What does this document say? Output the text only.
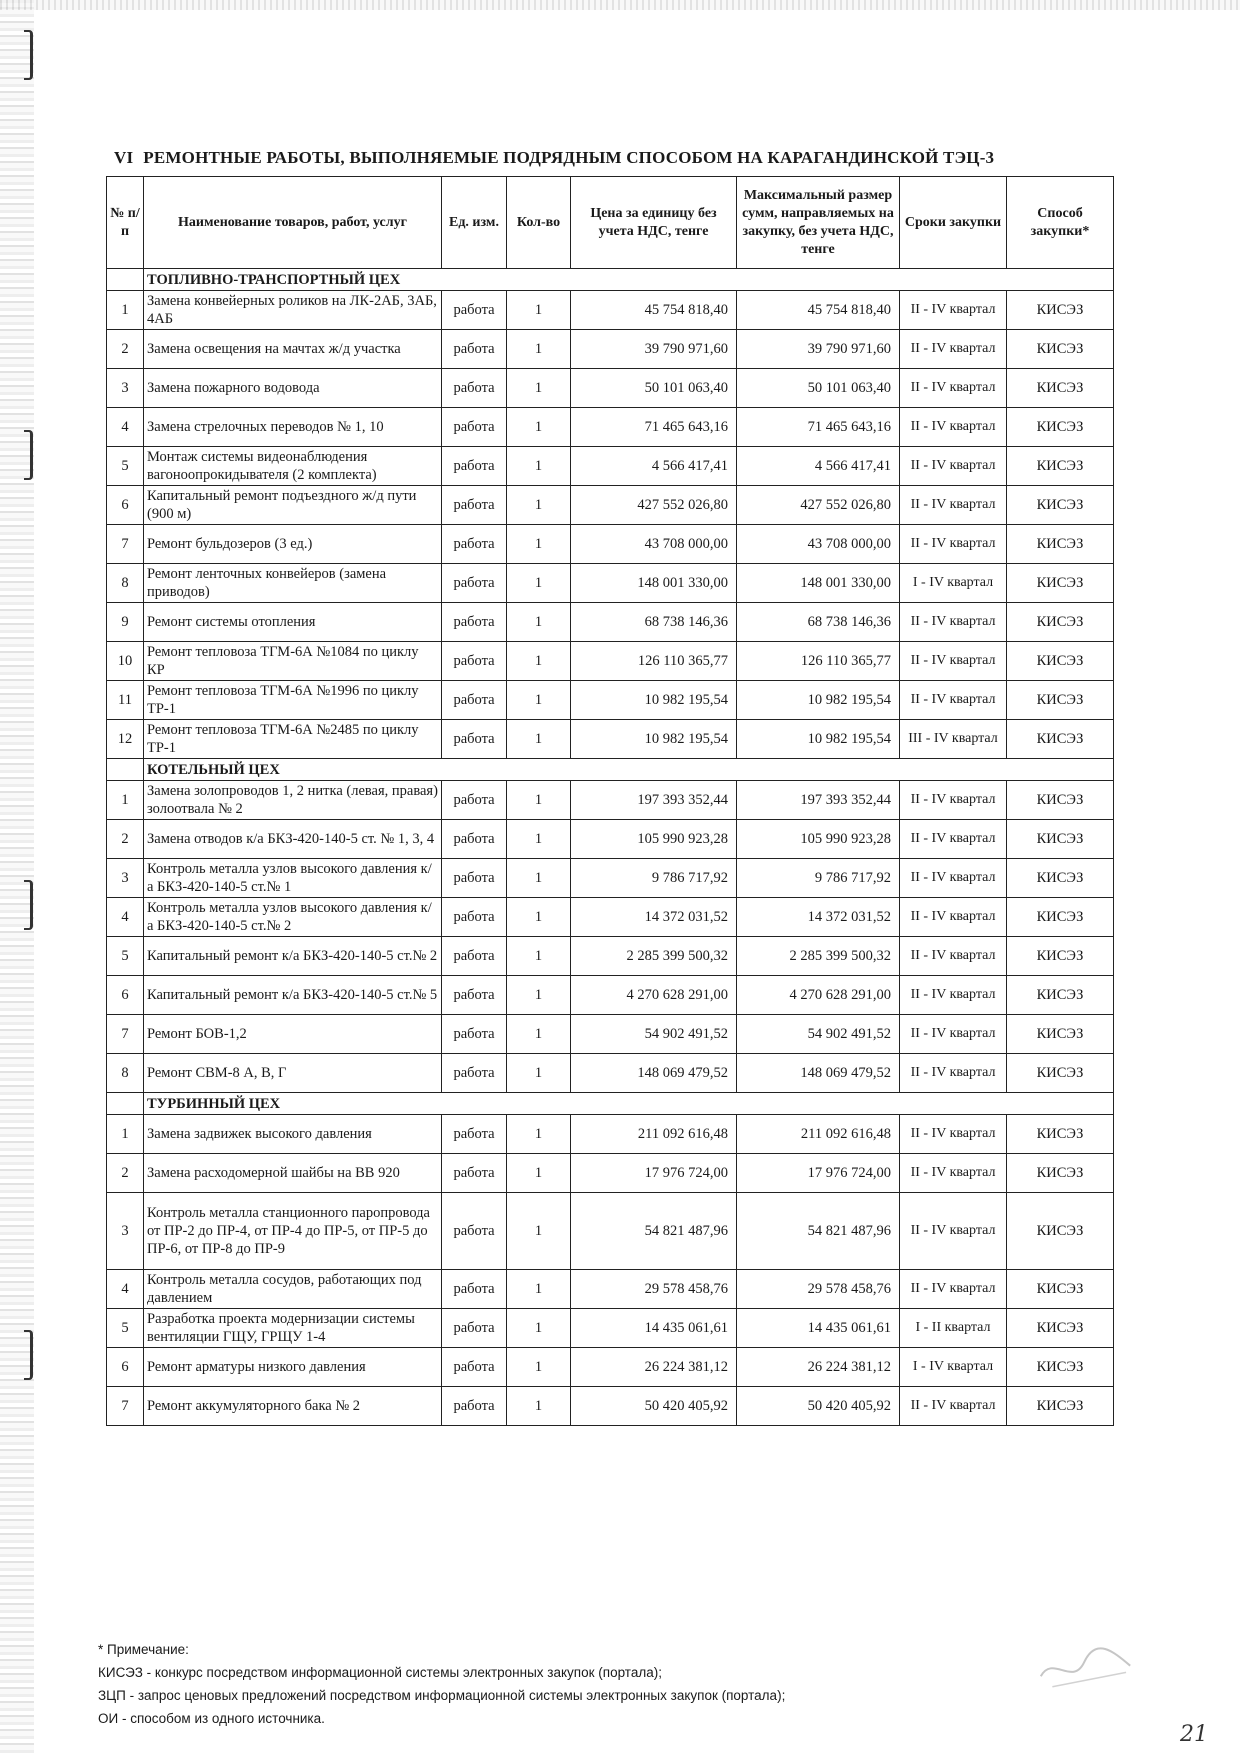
VI РЕМОНТНЫЕ РАБОТЫ, ВЫПОЛНЯЕМЫЕ ПОДРЯДНЫМ СПОСОБОМ НА КАРАГАНДИНСКОЙ ТЭЦ-3
№ п/п	Наименование товаров, работ, услуг	Ед. изм.	Кол-во	Цена за единицу без учета НДС, тенге	Максимальный размер сумм, направляемых на закупку, без учета НДС, тенге	Сроки закупки	Способ закупки*
	ТОПЛИВНО-ТРАНСПОРТНЫЙ ЦЕХ						
1	Замена конвейерных роликов на ЛК-2АБ, 3АБ, 4АБ	работа	1	45 754 818,40	45 754 818,40	II - IV квартал	КИСЭЗ
2	Замена освещения на мачтах ж/д участка	работа	1	39 790 971,60	39 790 971,60	II - IV квартал	КИСЭЗ
3	Замена пожарного водовода	работа	1	50 101 063,40	50 101 063,40	II - IV квартал	КИСЭЗ
4	Замена стрелочных переводов № 1, 10	работа	1	71 465 643,16	71 465 643,16	II - IV квартал	КИСЭЗ
5	Монтаж системы видеонаблюдения вагоноопрокидывателя (2 комплекта)	работа	1	4 566 417,41	4 566 417,41	II - IV квартал	КИСЭЗ
6	Капитальный ремонт подъездного ж/д пути (900 м)	работа	1	427 552 026,80	427 552 026,80	II - IV квартал	КИСЭЗ
7	Ремонт бульдозеров (3 ед.)	работа	1	43 708 000,00	43 708 000,00	II - IV квартал	КИСЭЗ
8	Ремонт ленточных конвейеров (замена приводов)	работа	1	148 001 330,00	148 001 330,00	I - IV квартал	КИСЭЗ
9	Ремонт системы отопления	работа	1	68 738 146,36	68 738 146,36	II - IV квартал	КИСЭЗ
10	Ремонт тепловоза ТГМ-6А №1084 по циклу КР	работа	1	126 110 365,77	126 110 365,77	II - IV квартал	КИСЭЗ
11	Ремонт тепловоза ТГМ-6А №1996 по циклу ТР-1	работа	1	10 982 195,54	10 982 195,54	II - IV квартал	КИСЭЗ
12	Ремонт тепловоза ТГМ-6А №2485 по циклу ТР-1	работа	1	10 982 195,54	10 982 195,54	III - IV квартал	КИСЭЗ
	КОТЕЛЬНЫЙ ЦЕХ						
1	Замена золопроводов 1, 2 нитка (левая, правая) золоотвала № 2	работа	1	197 393 352,44	197 393 352,44	II - IV квартал	КИСЭЗ
2	Замена отводов к/а БКЗ-420-140-5 ст. № 1, 3, 4	работа	1	105 990 923,28	105 990 923,28	II - IV квартал	КИСЭЗ
3	Контроль металла узлов высокого давления к/а БКЗ-420-140-5 ст.№ 1	работа	1	9 786 717,92	9 786 717,92	II - IV квартал	КИСЭЗ
4	Контроль металла узлов высокого давления к/а БКЗ-420-140-5 ст.№ 2	работа	1	14 372 031,52	14 372 031,52	II - IV квартал	КИСЭЗ
5	Капитальный ремонт к/а БКЗ-420-140-5 ст.№ 2	работа	1	2 285 399 500,32	2 285 399 500,32	II - IV квартал	КИСЭЗ
6	Капитальный ремонт к/а БКЗ-420-140-5 ст.№ 5	работа	1	4 270 628 291,00	4 270 628 291,00	II - IV квартал	КИСЭЗ
7	Ремонт БОВ-1,2	работа	1	54 902 491,52	54 902 491,52	II - IV квартал	КИСЭЗ
8	Ремонт СВМ-8 А, В, Г	работа	1	148 069 479,52	148 069 479,52	II - IV квартал	КИСЭЗ
	ТУРБИННЫЙ ЦЕХ						
1	Замена задвижек высокого давления	работа	1	211 092 616,48	211 092 616,48	II - IV квартал	КИСЭЗ
2	Замена расходомерной шайбы на ВВ 920	работа	1	17 976 724,00	17 976 724,00	II - IV квартал	КИСЭЗ
3	Контроль металла станционного паропровода от ПР-2 до ПР-4, от ПР-4 до ПР-5, от ПР-5 до ПР-6, от ПР-8 до ПР-9	работа	1	54 821 487,96	54 821 487,96	II - IV квартал	КИСЭЗ
4	Контроль металла сосудов, работающих под давлением	работа	1	29 578 458,76	29 578 458,76	II - IV квартал	КИСЭЗ
5	Разработка проекта модернизации системы вентиляции ГЩУ, ГРЩУ 1-4	работа	1	14 435 061,61	14 435 061,61	I - II квартал	КИСЭЗ
6	Ремонт арматуры низкого давления	работа	1	26 224 381,12	26 224 381,12	I - IV квартал	КИСЭЗ
7	Ремонт аккумуляторного бака № 2	работа	1	50 420 405,92	50 420 405,92	II - IV квартал	КИСЭЗ
* Примечание:
КИСЭЗ - конкурс посредством информационной системы электронных закупок (портала);
ЗЦП - запрос ценовых предложений посредством информационной системы электронных закупок (портала);
ОИ - способом из одного источника.
21
